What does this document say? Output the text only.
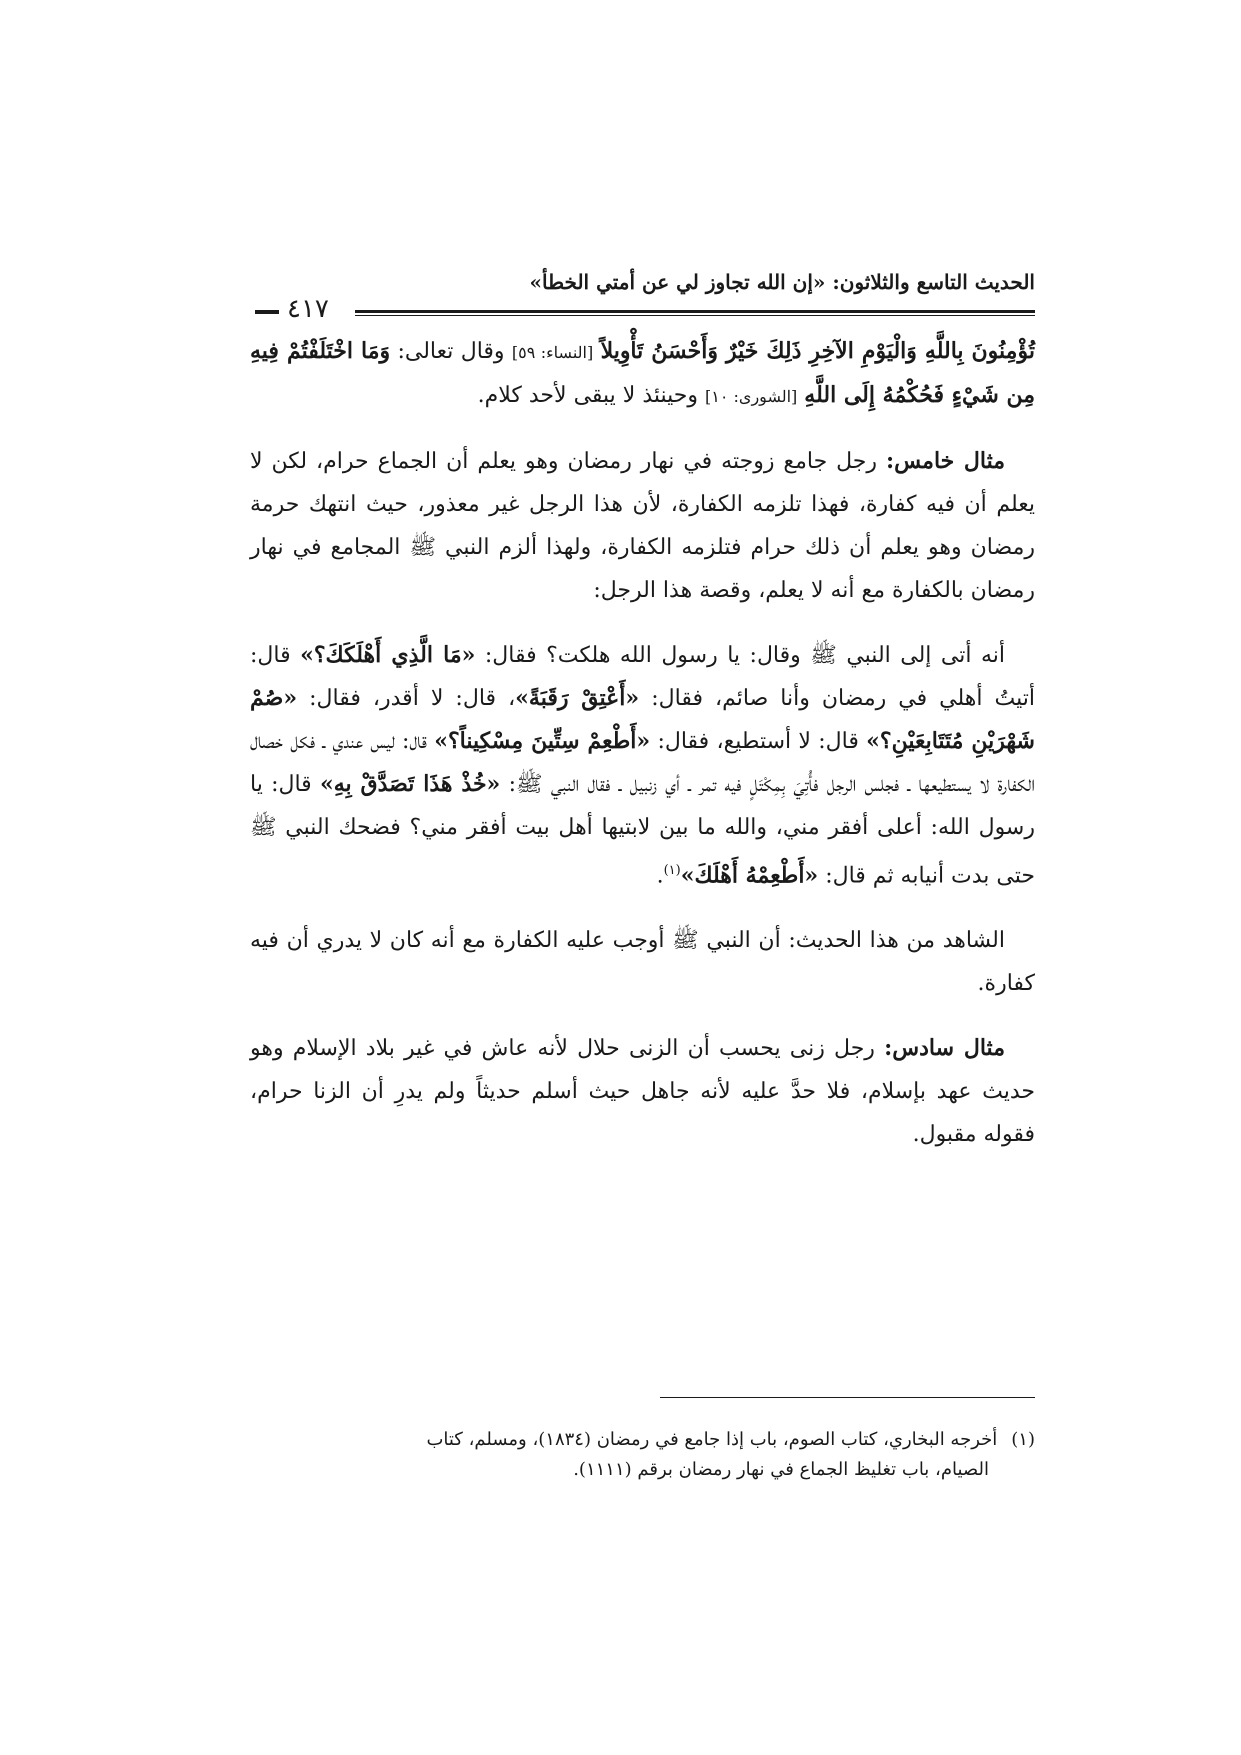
الحديث التاسع والثلاثون: «إن الله تجاوز لي عن أمتي الخطأ»
٤١٧

تُؤْمِنُونَ بِاللَّهِ وَالْيَوْمِ الآخِرِ ذَلِكَ خَيْرٌ وَأَحْسَنُ تَأْوِيلاً [النساء: ٥٩] وقال تعالى: وَمَا اخْتَلَفْتُمْ فِيهِ مِن شَيْءٍ فَحُكْمُهُ إِلَى اللَّهِ [الشورى: ١٠] وحينئذ لا يبقى لأحد كلام.

مثال خامس: رجل جامع زوجته في نهار رمضان وهو يعلم أن الجماع حرام، لكن لا يعلم أن فيه كفارة، فهذا تلزمه الكفارة، لأن هذا الرجل غير معذور، حيث انتهك حرمة رمضان وهو يعلم أن ذلك حرام فتلزمه الكفارة، ولهذا ألزم النبي ﷺ المجامع في نهار رمضان بالكفارة مع أنه لا يعلم، وقصة هذا الرجل:

أنه أتى إلى النبي ﷺ وقال: يا رسول الله هلكت؟ فقال: «مَا الَّذِي أَهْلَكَكَ؟» قال: أتيتُ أهلي في رمضان وأنا صائم، فقال: «أَعْتِقْ رَقَبَةً»، قال: لا أقدر، فقال: «صُمْ شَهْرَيْنِ مُتَتَابِعَيْنِ؟» قال: لا أستطيع، فقال: «أَطْعِمْ سِتِّينَ مِسْكِيناً؟» قال: ليس عندي ـ فكل خصال الكفارة لا يستطيعها ـ فجلس الرجل فأُتِيَ بِمِكْتَلٍ فيه تمر ـ أي زنبيل ـ فقال النبي ﷺ: «خُذْ هَذَا تَصَدَّقْ بِهِ» قال: يا رسول الله: أعلى أفقر مني، والله ما بين لابتيها أهل بيت أفقر مني؟ فضحك النبي ﷺ حتى بدت أنيابه ثم قال: «أَطْعِمْهُ أَهْلَكَ»$^{(١)}$.

الشاهد من هذا الحديث: أن النبي ﷺ أوجب عليه الكفارة مع أنه كان لا يدري أن فيه كفارة.

مثال سادس: رجل زنى يحسب أن الزنى حلال لأنه عاش في غير بلاد الإسلام وهو حديث عهد بإسلام، فلا حدَّ عليه لأنه جاهل حيث أسلم حديثاً ولم يدرِ أن الزنا حرام، فقوله مقبول.

(١)أخرجه البخاري، كتاب الصوم، باب إذا جامع في رمضان (١٨٣٤)، ومسلم، كتاب
الصيام، باب تغليظ الجماع في نهار رمضان برقم (١١١١).
